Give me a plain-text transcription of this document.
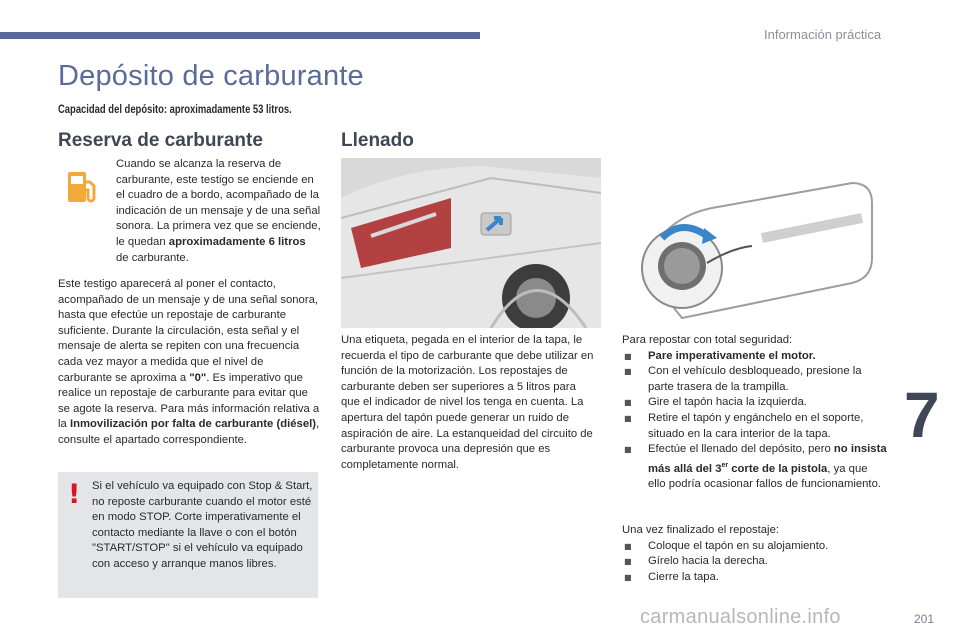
Información práctica
Depósito de carburante
Capacidad del depósito: aproximadamente 53 litros.
Reserva de carburante

Cuando se alcanza la reserva de carburante, este testigo se enciende en el cuadro de a bordo, acompañado de la indicación de un mensaje y de una señal sonora. La primera vez que se enciende, le quedan aproximadamente 6 litros de carburante.

Este testigo aparecerá al poner el contacto, acompañado de un mensaje y de una señal sonora, hasta que efectúe un repostaje de carburante suficiente. Durante la circulación, esta señal y el mensaje de alerta se repiten con una frecuencia cada vez mayor a medida que el nivel de carburante se aproxima a "0". Es imperativo que realice un repostaje de carburante para evitar que se agote la reserva. Para más información relativa a la Inmovilización por falta de carburante (diésel), consulte el apartado correspondiente.

! Si el vehículo va equipado con Stop & Start, no reposte carburante cuando el motor esté en modo STOP. Corte imperativamente el contacto mediante la llave o con el botón "START/STOP" si el vehículo va equipado con acceso y arranque manos libres.

Llenado

Una etiqueta, pegada en el interior de la tapa, le recuerda el tipo de carburante que debe utilizar en función de la motorización. Los repostajes de carburante deben ser superiores a 5 litros para que el indicador de nivel los tenga en cuenta. La apertura del tapón puede generar un ruido de aspiración de aire. La estanqueidad del circuito de carburante provoca una depresión que es completamente normal.

Para repostar con total seguridad:
■ Pare imperativamente el motor.
■ Con el vehículo desbloqueado, presione la parte trasera de la trampilla.
■ Gire el tapón hacia la izquierda.
■ Retire el tapón y engánchelo en el soporte, situado en la cara interior de la tapa.
■ Efectúe el llenado del depósito, pero no insista más allá del 3er corte de la pistola, ya que ello podría ocasionar fallos de funcionamiento.
Una vez finalizado el repostaje:
■ Coloque el tapón en su alojamiento.
■ Gírelo hacia la derecha.
■ Cierre la tapa.
7
carmanualsonline.info	201
